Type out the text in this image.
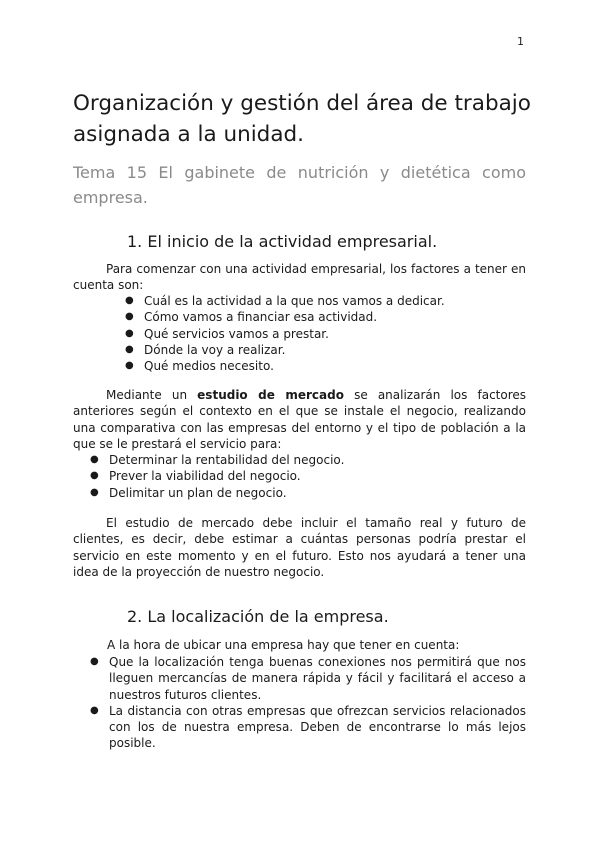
1
Organización y gestión del área de trabajo asignada a la unidad.

Tema 15 El gabinete de nutrición y dietética como empresa.

1. El inicio de la actividad empresarial.

Para comenzar con una actividad empresarial, los factores a tener en cuenta son:

● Cuál es la actividad a la que nos vamos a dedicar.
● Cómo vamos a financiar esa actividad.
● Qué servicios vamos a prestar.
● Dónde la voy a realizar.
● Qué medios necesito.

Mediante un estudio de mercado se analizarán los factores anteriores según el contexto en el que se instale el negocio, realizando una comparativa con las empresas del entorno y el tipo de población a la que se le prestará el servicio para:

● Determinar la rentabilidad del negocio.
● Prever la viabilidad del negocio.
● Delimitar un plan de negocio.

El estudio de mercado debe incluir el tamaño real y futuro de clientes, es decir, debe estimar a cuántas personas podría prestar el servicio en este momento y en el futuro. Esto nos ayudará a tener una idea de la proyección de nuestro negocio.

2. La localización de la empresa.

A la hora de ubicar una empresa hay que tener en cuenta:

● Que la localización tenga buenas conexiones nos permitirá que nos lleguen mercancías de manera rápida y fácil y facilitará el acceso a nuestros futuros clientes.
● La distancia con otras empresas que ofrezcan servicios relacionados con los de nuestra empresa. Deben de encontrarse lo más lejos posible.
